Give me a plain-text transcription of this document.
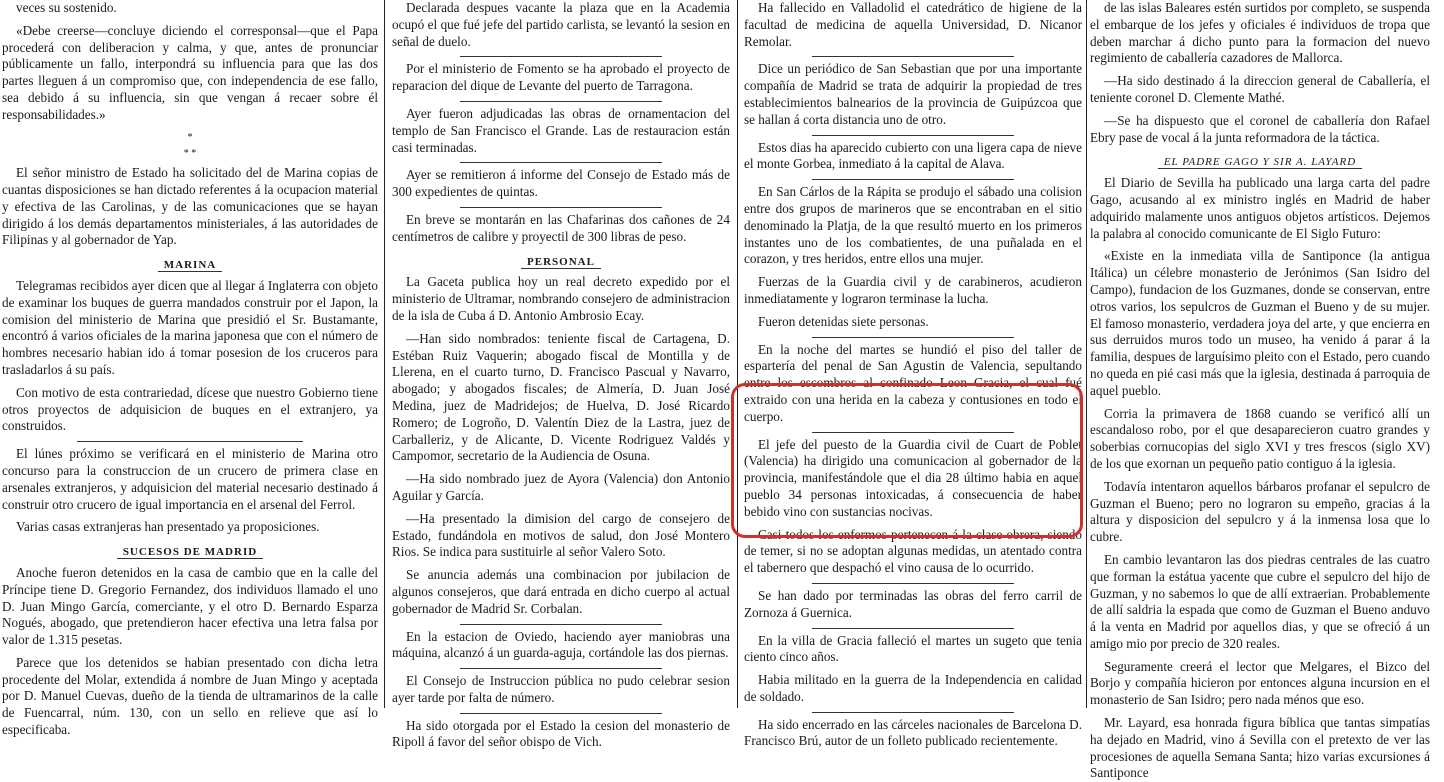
veces su sostenido.

«Debe creerse—concluye diciendo el corresponsal—que el Papa procederá con deliberacion y calma, y que, antes de pronunciar públicamente un fallo, interpondrá su influencia para que las dos partes lleguen á un compromiso que, con independencia de ese fallo, sea debido á su influencia, sin que vengan á recaer sobre él responsabilidades.»

*
* *

El señor ministro de Estado ha solicitado del de Marina copias de cuantas disposiciones se han dictado referentes á la ocupacion material y efectiva de las Carolinas, y de las comunicaciones que se hayan dirigido á los demás departamentos ministeriales, á las autoridades de Filipinas y al gobernador de Yap.

MARINA

Telegramas recibidos ayer dicen que al llegar á Inglaterra con objeto de examinar los buques de guerra mandados construir por el Japon, la comision del ministerio de Marina que presidió el Sr. Bustamante, encontró á varios oficiales de la marina japonesa que con el número de hombres necesario habian ido á tomar posesion de los cruceros para trasladarlos á su país.

Con motivo de esta contrariedad, dícese que nuestro Gobierno tiene otros proyectos de adquisicion de buques en el extranjero, ya construidos.

El lúnes próximo se verificará en el ministerio de Marina otro concurso para la construccion de un crucero de primera clase en arsenales extranjeros, y adquisicion del material necesario destinado á construir otro crucero de igual importancia en el arsenal del Ferrol.

Varias casas extranjeras han presentado ya proposiciones.

SUCESOS DE MADRID

Anoche fueron detenidos en la casa de cambio que en la calle del Príncipe tiene D. Gregorio Fernandez, dos individuos llamado el uno D. Juan Mingo García, comerciante, y el otro D. Bernardo Esparza Nogués, abogado, que pretendieron hacer efectiva una letra falsa por valor de 1.315 pesetas.

Parece que los detenidos se habian presentado con dicha letra procedente del Molar, extendida á nombre de Juan Mingo y aceptada por D. Manuel Cuevas, dueño de la tienda de ultramarinos de la calle de Fuencarral, núm. 130, con un sello en relieve que así lo especificaba.

Declarada despues vacante la plaza que en la Academia ocupó el que fué jefe del partido carlista, se levantó la sesion en señal de duelo.

Por el ministerio de Fomento se ha aprobado el proyecto de reparacion del dique de Levante del puerto de Tarragona.

Ayer fueron adjudicadas las obras de ornamentacion del templo de San Francisco el Grande. Las de restauracion están casi terminadas.

Ayer se remitieron á informe del Consejo de Estado más de 300 expedientes de quintas.

En breve se montarán en las Chafarinas dos cañones de 24 centímetros de calibre y proyectil de 300 libras de peso.

PERSONAL

La Gaceta publica hoy un real decreto expedido por el ministerio de Ultramar, nombrando consejero de administracion de la isla de Cuba á D. Antonio Ambrosio Ecay.

—Han sido nombrados: teniente fiscal de Cartagena, D. Estéban Ruiz Vaquerin; abogado fiscal de Montilla y de Llerena, en el cuarto turno, D. Francisco Pascual y Navarro, abogado; y abogados fiscales; de Almería, D. Juan José Medina, juez de Madridejos; de Huelva, D. José Ricardo Romero; de Logroño, D. Valentín Diez de la Lastra, juez de Carballeriz, y de Alicante, D. Vicente Rodriguez Valdés y Campomor, secretario de la Audiencia de Osuna.

—Ha sido nombrado juez de Ayora (Valencia) don Antonio Aguilar y García.

—Ha presentado la dimision del cargo de consejero de Estado, fundándola en motivos de salud, don José Montero Rios. Se indica para sustituirle al señor Valero Soto.

Se anuncia además una combinacion por jubilacion de algunos consejeros, que dará entrada en dicho cuerpo al actual gobernador de Madrid Sr. Corbalan.

En la estacion de Oviedo, haciendo ayer maniobras una máquina, alcanzó á un guarda-aguja, cortándole las dos piernas.

El Consejo de Instruccion pública no pudo celebrar sesion ayer tarde por falta de número.

Ha sido otorgada por el Estado la cesion del monasterio de Ripoll á favor del señor obispo de Vich.

Ha fallecido en Valladolid el catedrático de higiene de la facultad de medicina de aquella Universidad, D. Nicanor Remolar.

Dice un periódico de San Sebastian que por una importante compañía de Madrid se trata de adquirir la propiedad de tres establecimientos balnearios de la provincia de Guipúzcoa que se hallan á corta distancia uno de otro.

Estos dias ha aparecido cubierto con una ligera capa de nieve el monte Gorbea, inmediato á la capital de Alava.

En San Cárlos de la Rápita se produjo el sábado una colision entre dos grupos de marineros que se encontraban en el sitio denominado la Platja, de la que resultó muerto en los primeros instantes uno de los combatientes, de una puñalada en el corazon, y tres heridos, entre ellos una mujer.

Fuerzas de la Guardia civil y de carabineros, acudieron inmediatamente y lograron terminase la lucha.

Fueron detenidas siete personas.

En la noche del martes se hundió el piso del taller de espartería del penal de San Agustin de Valencia, sepultando entre los escombros al confinado Leon Gracia, el cual fué extraido con una herida en la cabeza y contusiones en todo el cuerpo.

El jefe del puesto de la Guardia civil de Cuart de Poblet (Valencia) ha dirigido una comunicacion al gobernador de la provincia, manifestándole que el dia 28 último habia en aquel pueblo 34 personas intoxicadas, á consecuencia de haber bebido vino con sustancias nocivas.

Casi todos los enfermos pertenecen á la clase obrera, siendo de temer, si no se adoptan algunas medidas, un atentado contra el tabernero que despachó el vino causa de lo ocurrido.

Se han dado por terminadas las obras del ferro carril de Zornoza á Guernica.

En la villa de Gracia falleció el martes un sugeto que tenia ciento cinco años.

Habia militado en la guerra de la Independencia en calidad de soldado.

Ha sido encerrado en las cárceles nacionales de Barcelona D. Francisco Brú, autor de un folleto publicado recientemente.

de las islas Baleares estén surtidos por completo, se suspenda el embarque de los jefes y oficiales é individuos de tropa que deben marchar á dicho punto para la formacion del nuevo regimiento de caballería cazadores de Mallorca.

—Ha sido destinado á la direccion general de Caballería, el teniente coronel D. Clemente Mathé.

—Se ha dispuesto que el coronel de caballería don Rafael Ebry pase de vocal á la junta reformadora de la táctica.

EL PADRE GAGO Y SIR A. LAYARD

El Diario de Sevilla ha publicado una larga carta del padre Gago, acusando al ex ministro inglés en Madrid de haber adquirido malamente unos antiguos objetos artísticos. Dejemos la palabra al conocido comunicante de El Siglo Futuro:

«Existe en la inmediata villa de Santiponce (la antigua Itálica) un célebre monasterio de Jerónimos (San Isidro del Campo), fundacion de los Guzmanes, donde se conservan, entre otros varios, los sepulcros de Guzman el Bueno y de su mujer. El famoso monasterio, verdadera joya del arte, y que encierra en sus derruidos muros todo un museo, ha venido á parar á la familia, despues de larguísimo pleito con el Estado, pero cuando no queda en pié casi más que la iglesia, destinada á parroquia de aquel pueblo.

Corria la primavera de 1868 cuando se verificó allí un escandaloso robo, por el que desaparecieron cuatro grandes y soberbias cornucopias del siglo XVI y tres frescos (siglo XV) de los que exornan un pequeño patio contiguo á la iglesia.

Todavía intentaron aquellos bárbaros profanar el sepulcro de Guzman el Bueno; pero no lograron su empeño, gracias á la altura y disposicion del sepulcro y á la inmensa losa que lo cubre.

En cambio levantaron las dos piedras centrales de las cuatro que forman la estátua yacente que cubre el sepulcro del hijo de Guzman, y no sabemos lo que de allí extraerian. Probablemente de allí saldria la espada que como de Guzman el Bueno anduvo á la venta en Madrid por aquellos dias, y que se ofreció á un amigo mio por precio de 320 reales.

Seguramente creerá el lector que Melgares, el Bizco del Borjo y compañía hicieron por entonces alguna incursion en el monasterio de San Isidro; pero nada ménos que eso.

Mr. Layard, esa honrada figura bíblica que tantas simpatías ha dejado en Madrid, vino á Sevilla con el pretexto de ver las procesiones de aquella Semana Santa; hizo varias excursiones á Santiponce
